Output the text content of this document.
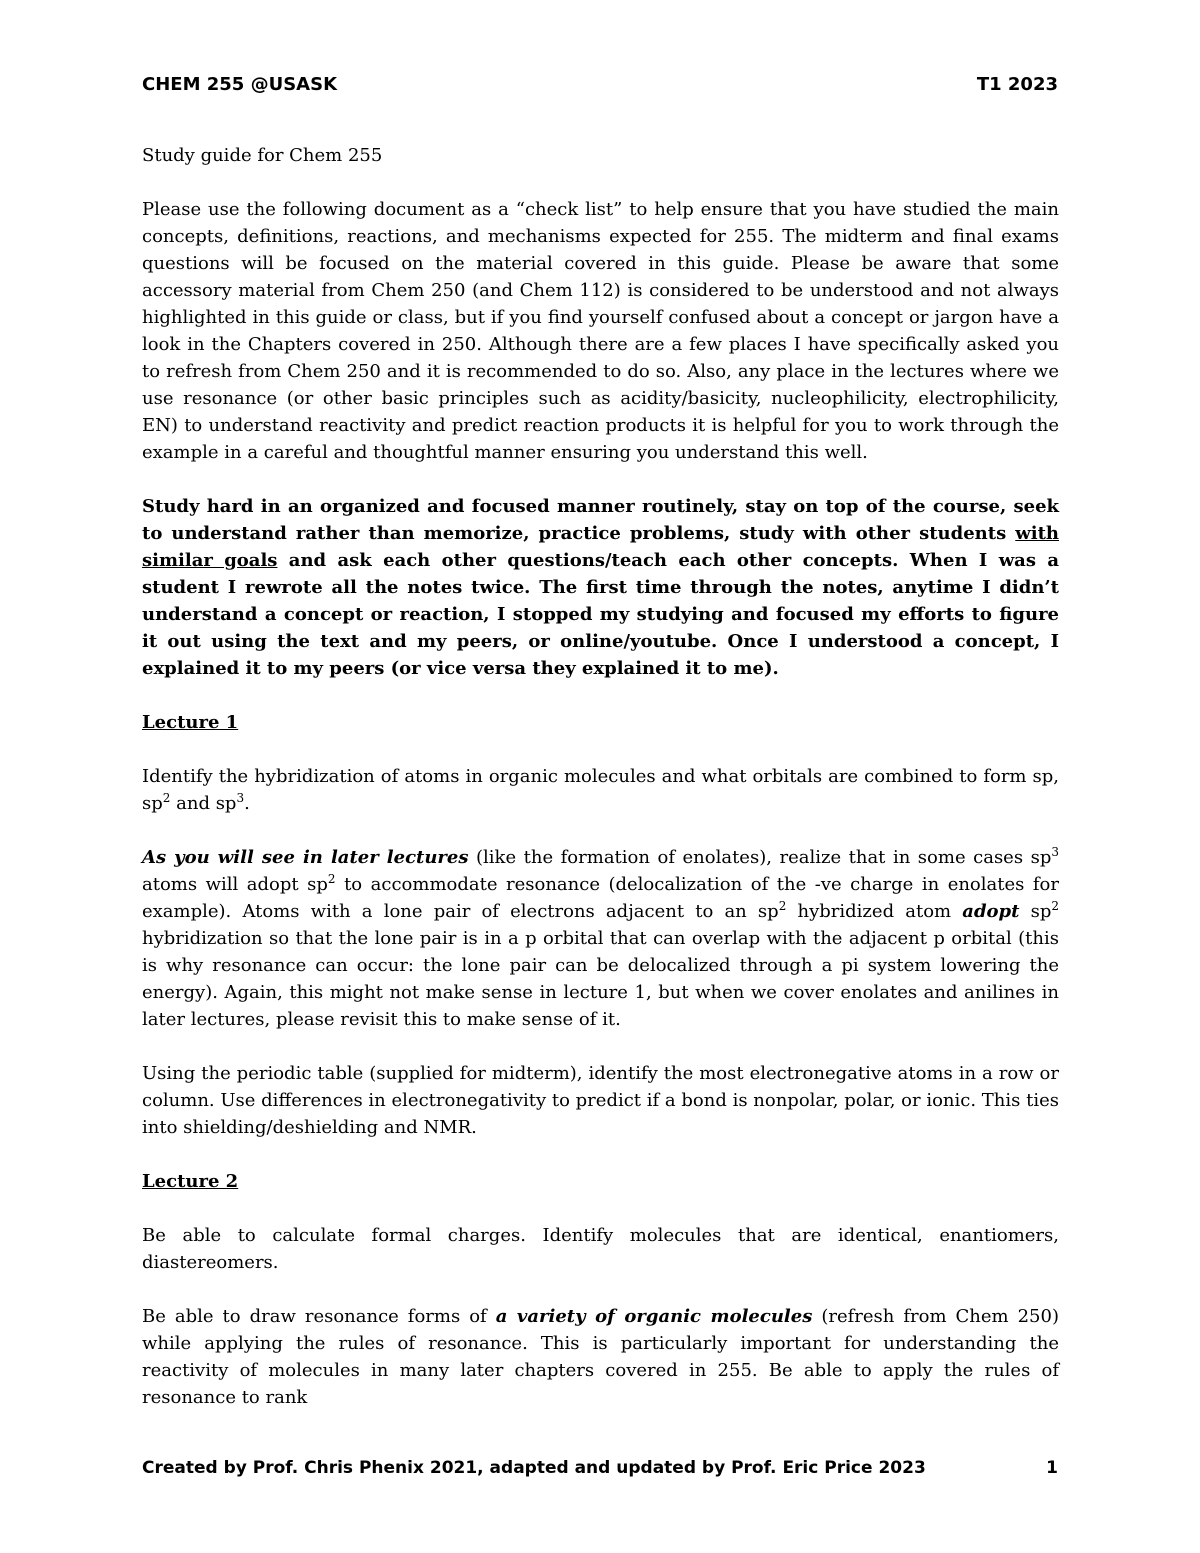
CHEM 255 @USASK	T1 2023

Study guide for Chem 255

Please use the following document as a “check list” to help ensure that you have studied the main concepts, definitions, reactions, and mechanisms expected for 255. The midterm and final exams questions will be focused on the material covered in this guide. Please be aware that some accessory material from Chem 250 (and Chem 112) is considered to be understood and not always highlighted in this guide or class, but if you find yourself confused about a concept or jargon have a look in the Chapters covered in 250. Although there are a few places I have specifically asked you to refresh from Chem 250 and it is recommended to do so. Also, any place in the lectures where we use resonance (or other basic principles such as acidity/basicity, nucleophilicity, electrophilicity, EN) to understand reactivity and predict reaction products it is helpful for you to work through the example in a careful and thoughtful manner ensuring you understand this well.

Study hard in an organized and focused manner routinely, stay on top of the course, seek to understand rather than memorize, practice problems, study with other students with similar goals and ask each other questions/teach each other concepts. When I was a student I rewrote all the notes twice. The first time through the notes, anytime I didn’t understand a concept or reaction, I stopped my studying and focused my efforts to figure it out using the text and my peers, or online/youtube. Once I understood a concept, I explained it to my peers (or vice versa they explained it to me).

Lecture 1

Identify the hybridization of atoms in organic molecules and what orbitals are combined to form sp, $sp^2$ and $sp^3$.

As you will see in later lectures (like the formation of enolates), realize that in some cases $sp^3$ atoms will adopt $sp^2$ to accommodate resonance (delocalization of the -ve charge in enolates for example). Atoms with a lone pair of electrons adjacent to an $sp^2$ hybridized atom adopt $sp^2$ hybridization so that the lone pair is in a p orbital that can overlap with the adjacent p orbital (this is why resonance can occur: the lone pair can be delocalized through a pi system lowering the energy). Again, this might not make sense in lecture 1, but when we cover enolates and anilines in later lectures, please revisit this to make sense of it.

Using the periodic table (supplied for midterm), identify the most electronegative atoms in a row or column. Use differences in electronegativity to predict if a bond is nonpolar, polar, or ionic. This ties into shielding/deshielding and NMR.

Lecture 2

Be able to calculate formal charges. Identify molecules that are identical, enantiomers, diastereomers.

Be able to draw resonance forms of a variety of organic molecules (refresh from Chem 250) while applying the rules of resonance. This is particularly important for understanding the reactivity of molecules in many later chapters covered in 255. Be able to apply the rules of resonance to rank

Created by Prof. Chris Phenix 2021, adapted and updated by Prof. Eric Price 2023	1
